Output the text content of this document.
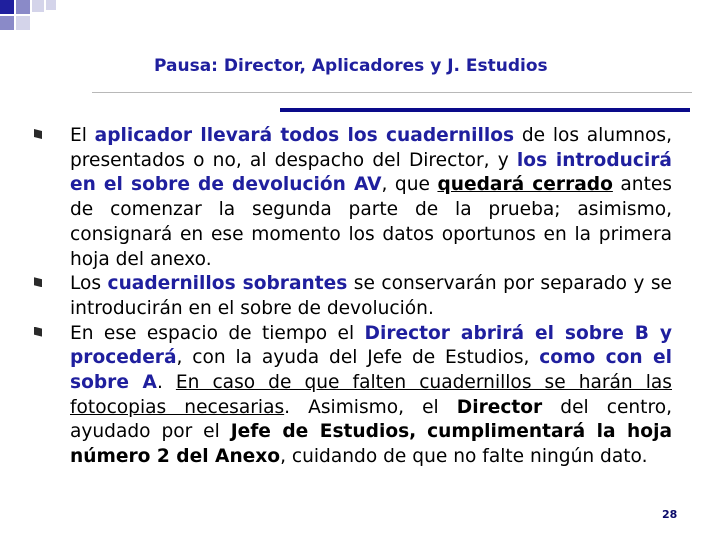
Pausa: Director, Aplicadores y J. Estudios
El aplicador llevará todos los cuadernillos de los alumnos, presentados o no, al despacho del Director, y los introducirá en el sobre de devolución AV, que quedará cerrado antes de comenzar la segunda parte de la prueba; asimismo, consignará en ese momento los datos oportunos en la primera hoja del anexo.
Los cuadernillos sobrantes se conservarán por separado y se introducirán en el sobre de devolución.
En ese espacio de tiempo el Director abrirá el sobre B y procederá, con la ayuda del Jefe de Estudios, como con el sobre A. En caso de que falten cuadernillos se harán las fotocopias necesarias. Asimismo, el Director del centro, ayudado por el Jefe de Estudios, cumplimentará la hoja número 2 del Anexo, cuidando de que no falte ningún dato.
28
